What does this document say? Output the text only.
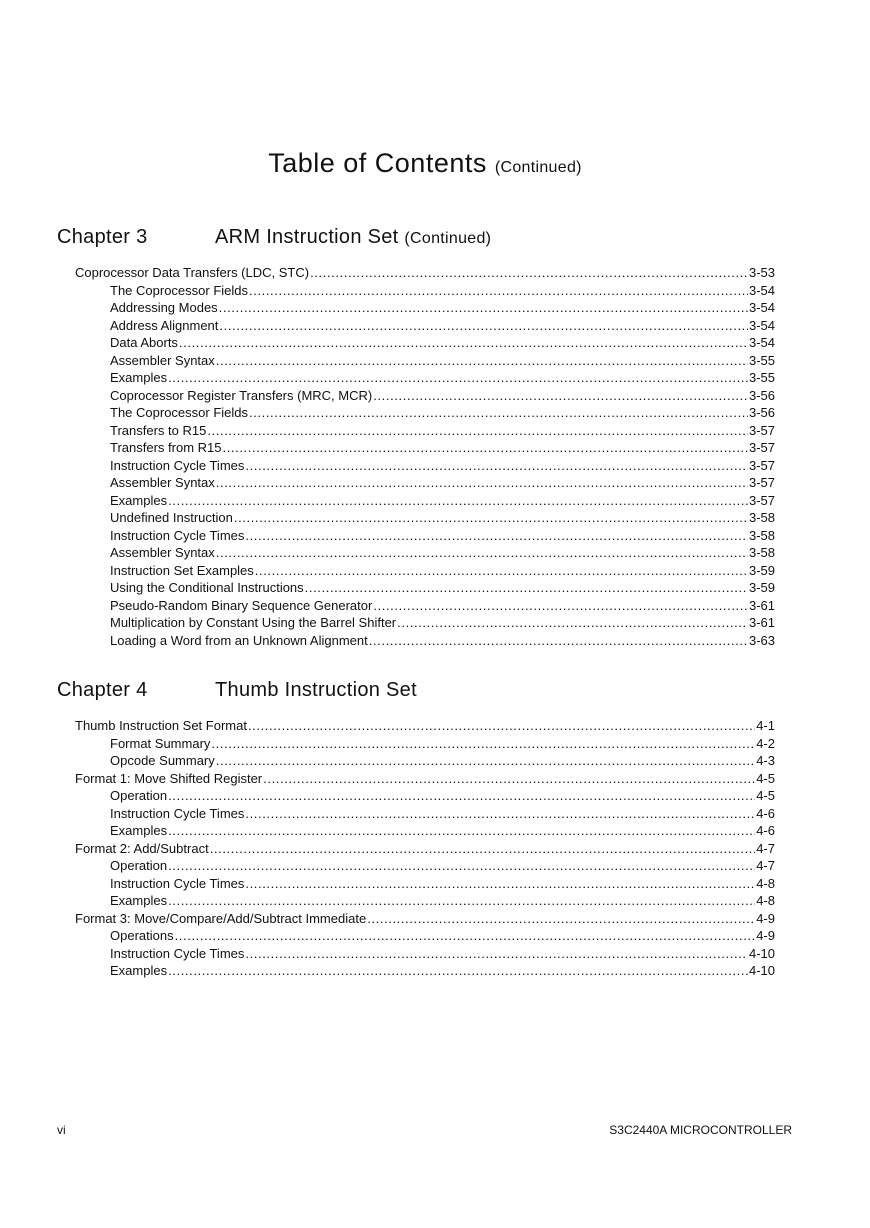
Table of Contents (Continued)
Chapter 3	ARM Instruction Set (Continued)
Coprocessor Data Transfers (LDC, STC) .....	3-53
The Coprocessor Fields .....	3-54
Addressing Modes .....	3-54
Address Alignment .....	3-54
Data Aborts .....	3-54
Assembler Syntax .....	3-55
Examples .....	3-55
Coprocessor Register Transfers (MRC, MCR) .....	3-56
The Coprocessor Fields .....	3-56
Transfers to R15 .....	3-57
Transfers from R15 .....	3-57
Instruction Cycle Times .....	3-57
Assembler Syntax .....	3-57
Examples .....	3-57
Undefined Instruction .....	3-58
Instruction Cycle Times .....	3-58
Assembler Syntax .....	3-58
Instruction Set Examples .....	3-59
Using the Conditional Instructions .....	3-59
Pseudo-Random Binary Sequence Generator .....	3-61
Multiplication by Constant Using the Barrel Shifter .....	3-61
Loading a Word from an Unknown Alignment .....	3-63
Chapter 4	Thumb Instruction Set
Thumb Instruction Set Format .....	4-1
Format Summary .....	4-2
Opcode Summary .....	4-3
Format 1: Move Shifted Register .....	4-5
Operation .....	4-5
Instruction Cycle Times .....	4-6
Examples .....	4-6
Format 2: Add/Subtract .....	4-7
Operation .....	4-7
Instruction Cycle Times .....	4-8
Examples .....	4-8
Format 3: Move/Compare/Add/Subtract Immediate .....	4-9
Operations .....	4-9
Instruction Cycle Times .....	4-10
Examples .....	4-10
vi	S3C2440A MICROCONTROLLER
